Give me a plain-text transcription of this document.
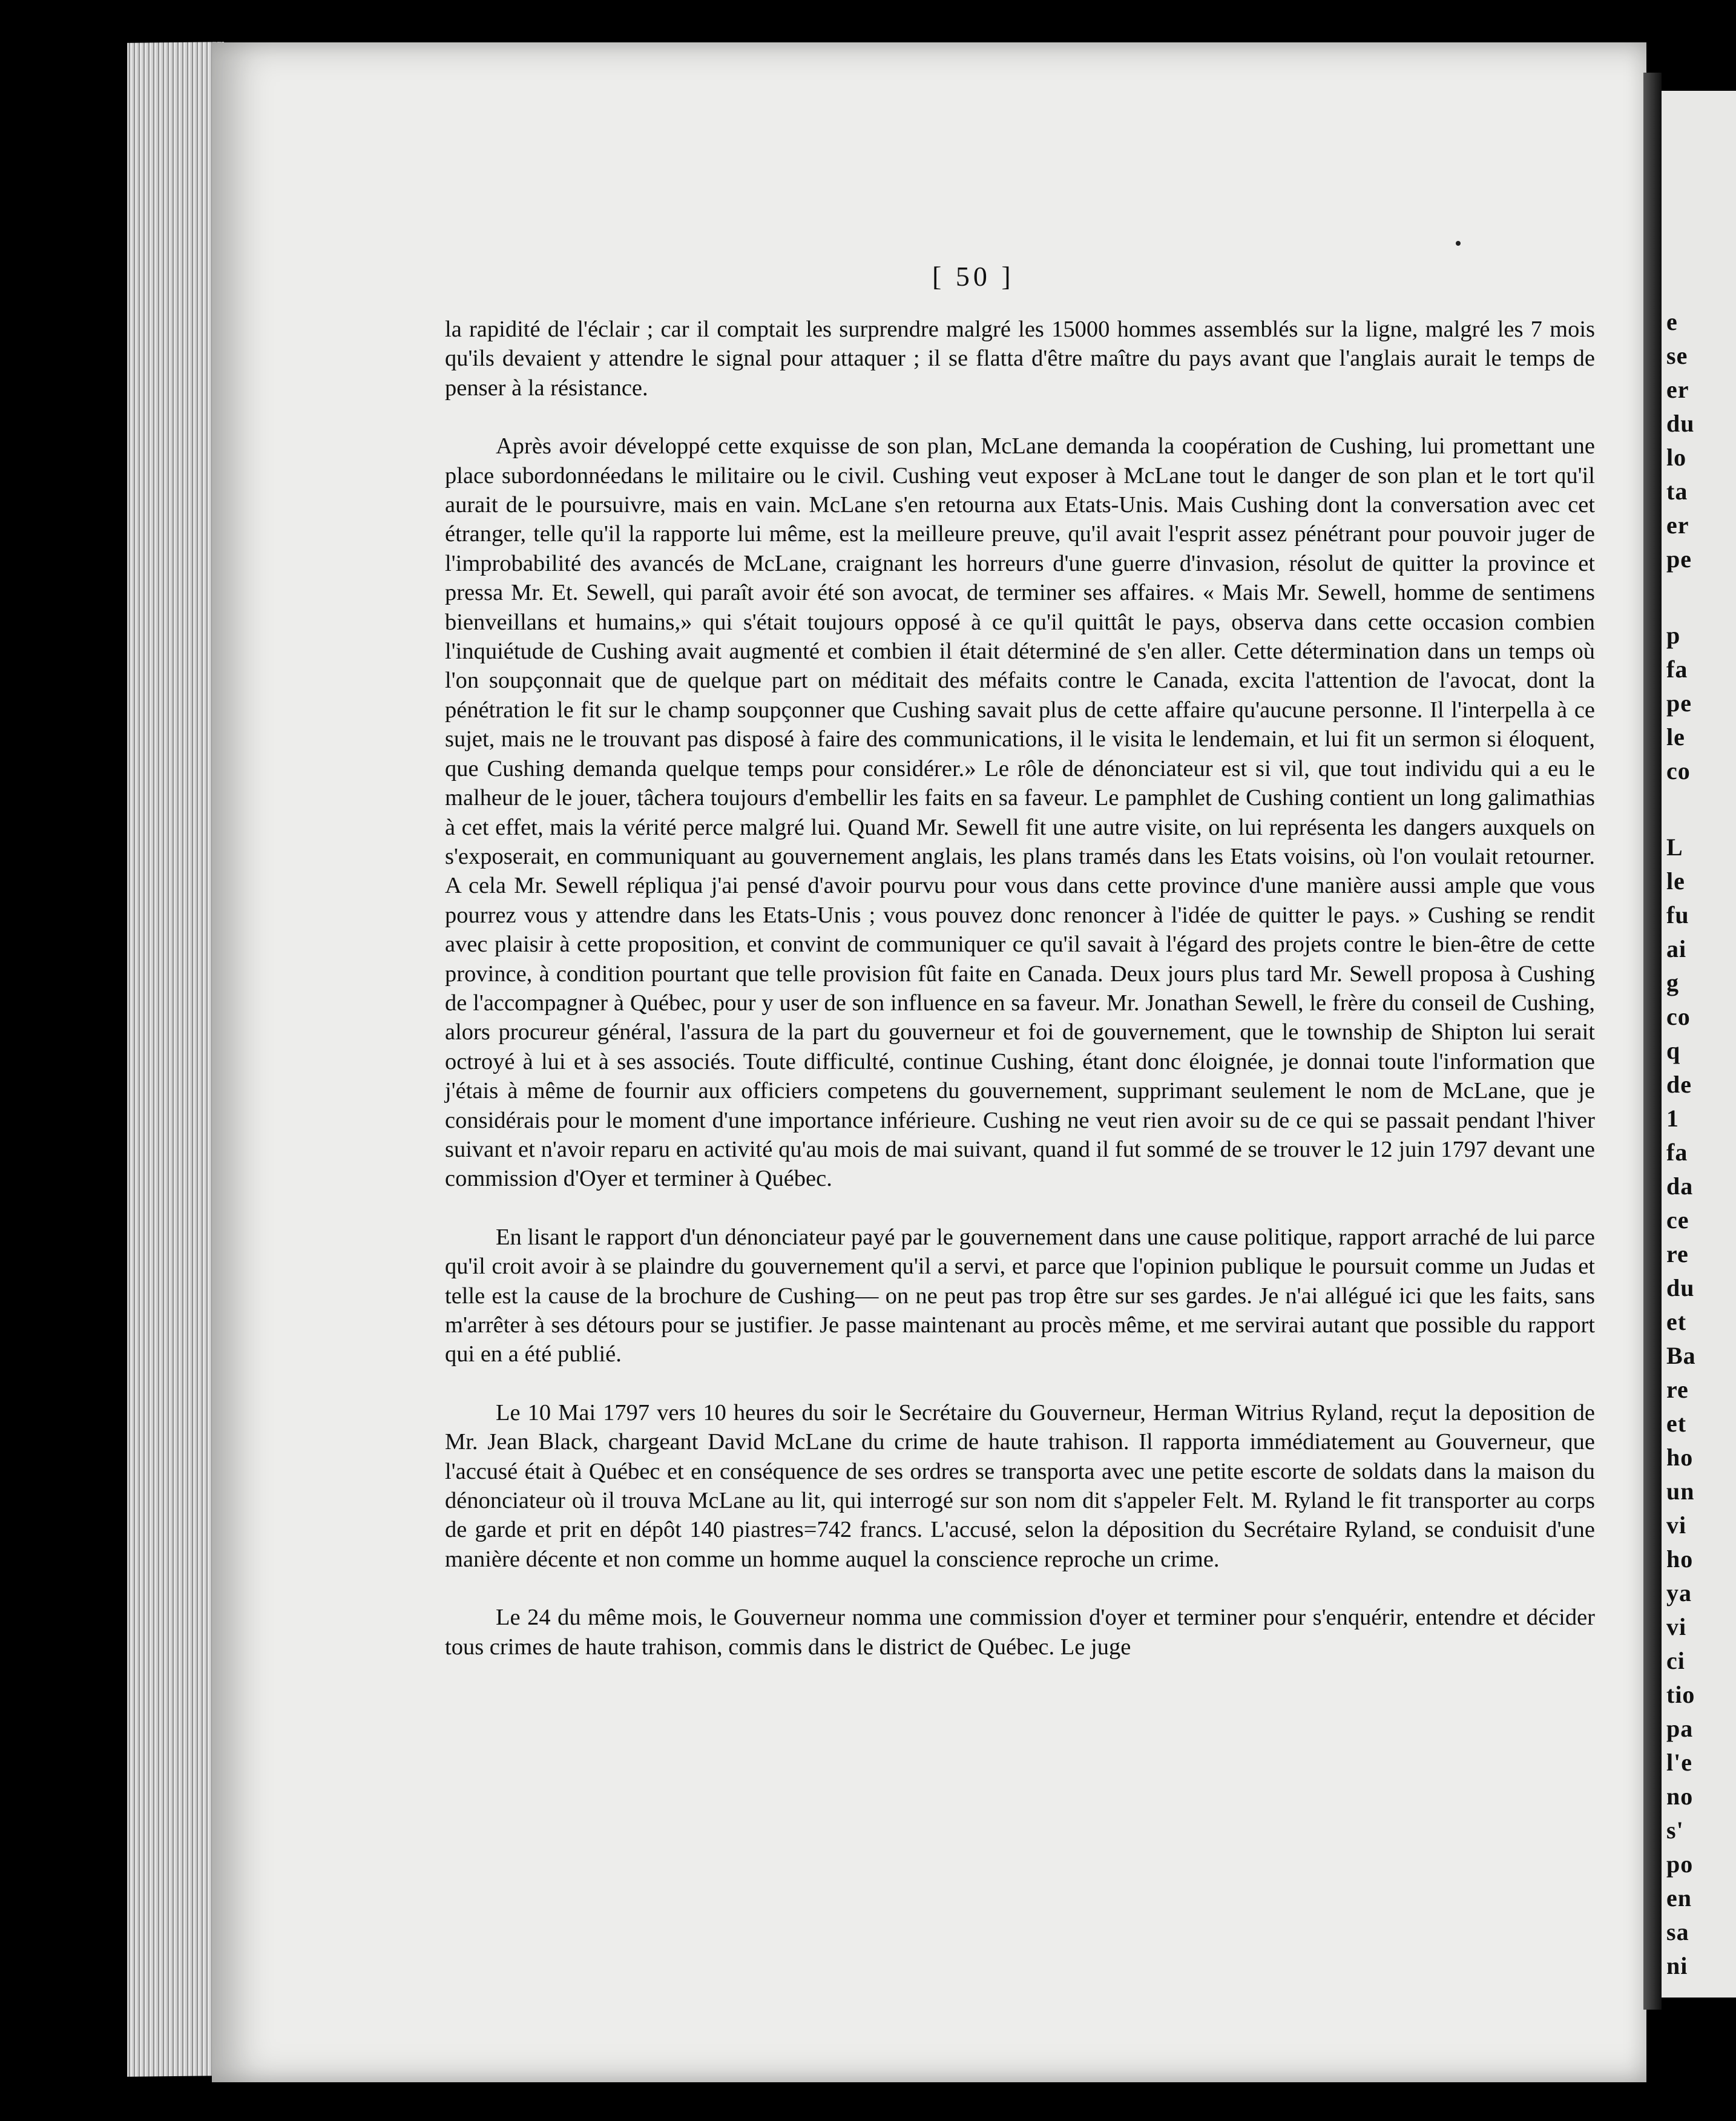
e
se
er
du
lo
ta
er
pe
p
fa
pe
le
co
L
le
fu
ai
g
co
q
de
1
fa
da
ce
re
du
et
Ba
re
et
ho
un
vi
ho
ya
vi
ci
tio
pa
l'e
no
s'
po
en
sa
ni
[ 50 ]

la rapidité de l'éclair ; car il comptait les surprendre malgré les 15000 hommes assemblés sur la ligne, malgré les 7 mois qu'ils devaient y attendre le signal pour attaquer ; il se flatta d'être maître du pays avant que l'anglais aurait le temps de penser à la résistance.

Après avoir développé cette exquisse de son plan, McLane demanda la coopération de Cushing, lui promettant une place subordonnéedans le militaire ou le civil. Cushing veut exposer à McLane tout le danger de son plan et le tort qu'il aurait de le poursuivre, mais en vain. McLane s'en retourna aux Etats-Unis. Mais Cushing dont la conversation avec cet étranger, telle qu'il la rapporte lui même, est la meilleure preuve, qu'il avait l'esprit assez pénétrant pour pouvoir juger de l'improbabilité des avancés de McLane, craignant les horreurs d'une guerre d'invasion, résolut de quitter la province et pressa Mr. Et. Sewell, qui paraît avoir été son avocat, de terminer ses affaires. « Mais Mr. Sewell, homme de sentimens bienveillans et humains,» qui s'était toujours opposé à ce qu'il quittât le pays, observa dans cette occasion combien l'inquiétude de Cushing avait augmenté et combien il était déterminé de s'en aller. Cette détermination dans un temps où l'on soupçonnait que de quelque part on méditait des méfaits contre le Canada, excita l'attention de l'avocat, dont la pénétration le fit sur le champ soupçonner que Cushing savait plus de cette affaire qu'aucune personne. Il l'interpella à ce sujet, mais ne le trouvant pas disposé à faire des communications, il le visita le lendemain, et lui fit un sermon si éloquent, que Cushing demanda quelque temps pour considérer.» Le rôle de dénonciateur est si vil, que tout individu qui a eu le malheur de le jouer, tâchera toujours d'embellir les faits en sa faveur. Le pamphlet de Cushing contient un long galimathias à cet effet, mais la vérité perce malgré lui. Quand Mr. Sewell fit une autre visite, on lui représenta les dangers auxquels on s'exposerait, en communiquant au gouvernement anglais, les plans tramés dans les Etats voisins, où l'on voulait retourner. A cela Mr. Sewell répliqua j'ai pensé d'avoir pourvu pour vous dans cette province d'une manière aussi ample que vous pourrez vous y attendre dans les Etats-Unis ; vous pouvez donc renoncer à l'idée de quitter le pays. » Cushing se rendit avec plaisir à cette proposition, et convint de communiquer ce qu'il savait à l'égard des projets contre le bien-être de cette province, à condition pourtant que telle provision fût faite en Canada. Deux jours plus tard Mr. Sewell proposa à Cushing de l'accompagner à Québec, pour y user de son influence en sa faveur. Mr. Jonathan Sewell, le frère du conseil de Cushing, alors procureur général, l'assura de la part du gouverneur et foi de gouvernement, que le township de Shipton lui serait octroyé à lui et à ses associés. Toute difficulté, continue Cushing, étant donc éloignée, je donnai toute l'information que j'étais à même de fournir aux officiers competens du gouvernement, supprimant seulement le nom de McLane, que je considérais pour le moment d'une importance inférieure. Cushing ne veut rien avoir su de ce qui se passait pendant l'hiver suivant et n'avoir reparu en activité qu'au mois de mai suivant, quand il fut sommé de se trouver le 12 juin 1797 devant une commission d'Oyer et terminer à Québec.

En lisant le rapport d'un dénonciateur payé par le gouvernement dans une cause politique, rapport arraché de lui parce qu'il croit avoir à se plaindre du gouvernement qu'il a servi, et parce que l'opinion publique le poursuit comme un Judas et telle est la cause de la brochure de Cushing— on ne peut pas trop être sur ses gardes. Je n'ai allégué ici que les faits, sans m'arrêter à ses détours pour se justifier. Je passe maintenant au procès même, et me servirai autant que possible du rapport qui en a été publié.

Le 10 Mai 1797 vers 10 heures du soir le Secrétaire du Gouverneur, Herman Witrius Ryland, reçut la deposition de Mr. Jean Black, chargeant David McLane du crime de haute trahison. Il rapporta immédiatement au Gouverneur, que l'accusé était à Québec et en conséquence de ses ordres se transporta avec une petite escorte de soldats dans la maison du dénonciateur où il trouva McLane au lit, qui interrogé sur son nom dit s'appeler Felt. M. Ryland le fit transporter au corps de garde et prit en dépôt 140 piastres=742 francs. L'accusé, selon la déposition du Secrétaire Ryland, se conduisit d'une manière décente et non comme un homme auquel la conscience reproche un crime.

Le 24 du même mois, le Gouverneur nomma une commission d'oyer et terminer pour s'enquérir, entendre et décider tous crimes de haute trahison, commis dans le district de Québec. Le juge
